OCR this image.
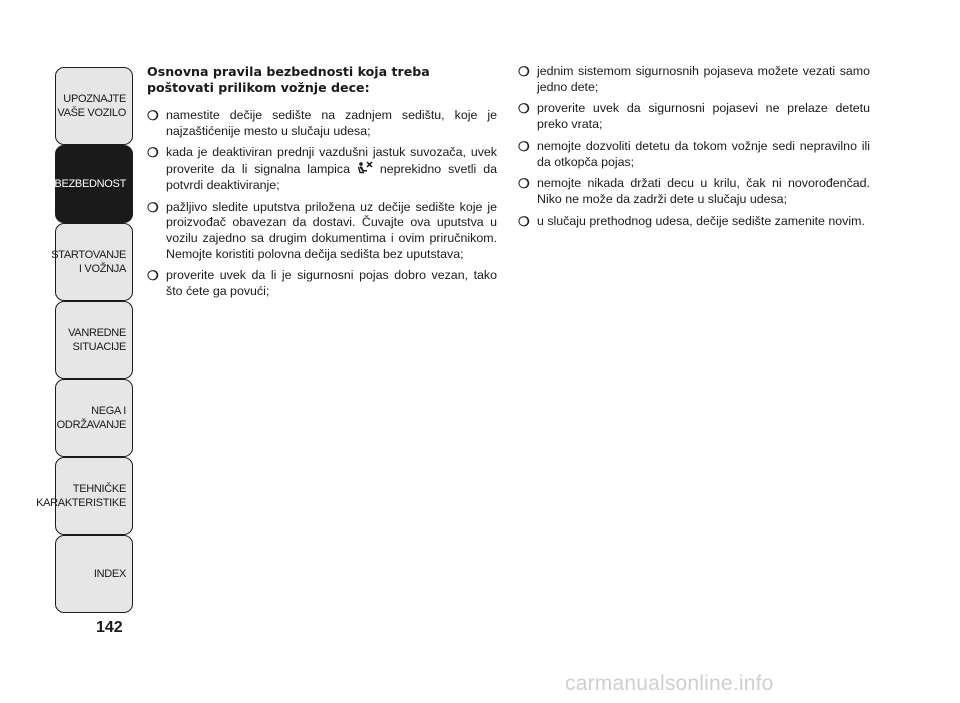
UPOZNAJTE
VAŠE VOZILO
BEZBEDNOST
STARTOVANJE
I VOŽNJA
VANREDNE
SITUACIJE
NEGA I
ODRŽAVANJE
TEHNIČKE
KARAKTERISTIKE
INDEX
142
Osnovna pravila bezbednosti koja treba poštovati prilikom vožnje dece:
❍ namestite dečije sedište na zadnjem sedištu, koje je najzaštićenije mesto u slučaju udesa;
❍ kada je deaktiviran prednji vazdušni jastuk suvozača, uvek proverite da li signalna lampica  neprekidno svetli da potvrdi deaktiviranje;
❍ pažljivo sledite uputstva priložena uz dečije sedište koje je proizvođač obavezan da dostavi. Čuvajte ova uputstva u vozilu zajedno sa drugim dokumentima i ovim priručnikom. Nemojte koristiti polovna dečija sedišta bez uputstava;
❍ proverite uvek da li je sigurnosni pojas dobro vezan, tako što ćete ga povući;
❍ jednim sistemom sigurnosnih pojaseva možete vezati samo jedno dete;
❍ proverite uvek da sigurnosni pojasevi ne prelaze detetu preko vrata;
❍ nemojte dozvoliti detetu da tokom vožnje sedi nepravilno ili da otkopča pojas;
❍ nemojte nikada držati decu u krilu, čak ni novorođenčad. Niko ne može da zadrži dete u slučaju udesa;
❍ u slučaju prethodnog udesa, dečije sedište zamenite novim.
carmanualsonline.info
